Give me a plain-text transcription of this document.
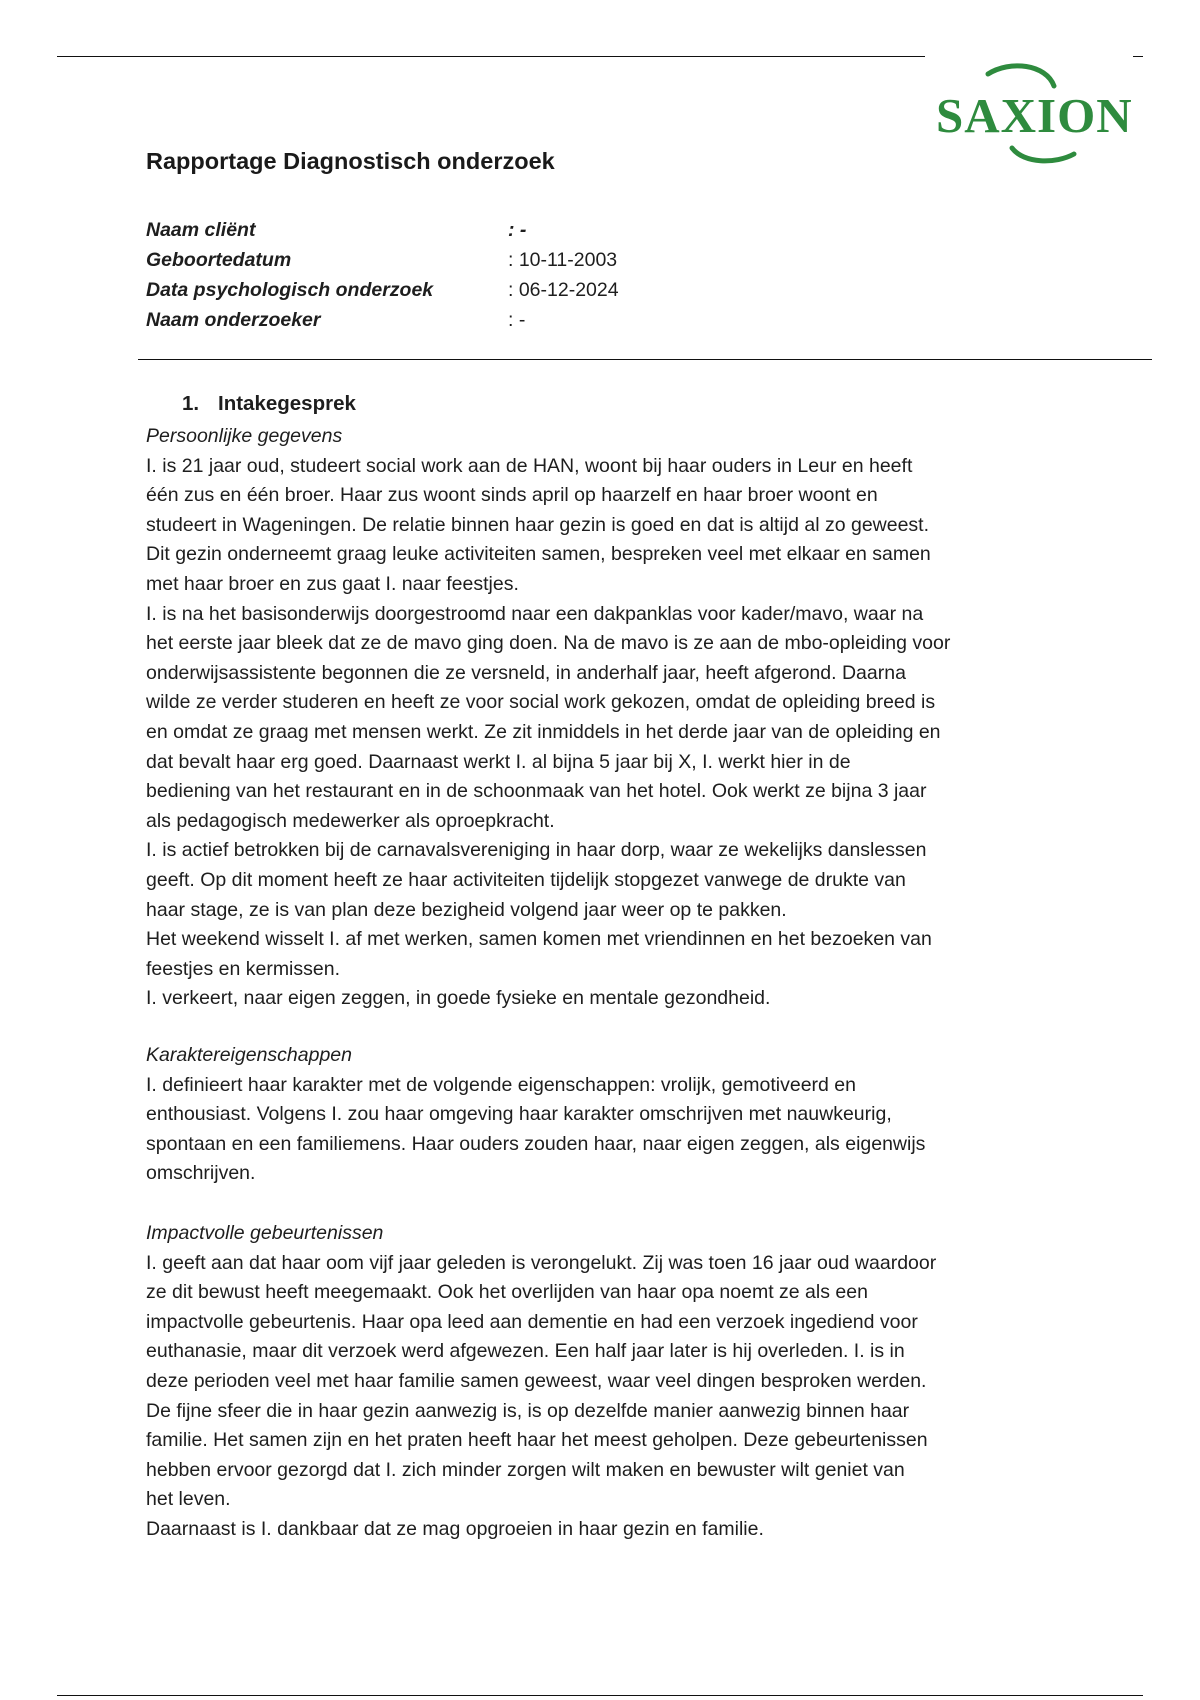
SAXION
Rapportage Diagnostisch onderzoek
Naam cliënt	: -
Geboortedatum	: 10-11-2003
Data psychologisch onderzoek	: 06-12-2024
Naam onderzoeker	: -
1. Intakegesprek

Persoonlijke gegevens

I. is 21 jaar oud, studeert social work aan de HAN, woont bij haar ouders in Leur en heeft

één zus en één broer. Haar zus woont sinds april op haarzelf en haar broer woont en

studeert in Wageningen. De relatie binnen haar gezin is goed en dat is altijd al zo geweest.

Dit gezin onderneemt graag leuke activiteiten samen, bespreken veel met elkaar en samen

met haar broer en zus gaat I. naar feestjes.

I. is na het basisonderwijs doorgestroomd naar een dakpanklas voor kader/mavo, waar na

het eerste jaar bleek dat ze de mavo ging doen. Na de mavo is ze aan de mbo-opleiding voor

onderwijsassistente begonnen die ze versneld, in anderhalf jaar, heeft afgerond. Daarna

wilde ze verder studeren en heeft ze voor social work gekozen, omdat de opleiding breed is

en omdat ze graag met mensen werkt. Ze zit inmiddels in het derde jaar van de opleiding en

dat bevalt haar erg goed. Daarnaast werkt I. al bijna 5 jaar bij X, I. werkt hier in de

bediening van het restaurant en in de schoonmaak van het hotel. Ook werkt ze bijna 3 jaar

als pedagogisch medewerker als oproepkracht.

I. is actief betrokken bij de carnavalsvereniging in haar dorp, waar ze wekelijks danslessen

geeft. Op dit moment heeft ze haar activiteiten tijdelijk stopgezet vanwege de drukte van

haar stage, ze is van plan deze bezigheid volgend jaar weer op te pakken.

Het weekend wisselt I. af met werken, samen komen met vriendinnen en het bezoeken van

feestjes en kermissen.

I. verkeert, naar eigen zeggen, in goede fysieke en mentale gezondheid.

Karaktereigenschappen

I. definieert haar karakter met de volgende eigenschappen: vrolijk, gemotiveerd en

enthousiast. Volgens I. zou haar omgeving haar karakter omschrijven met nauwkeurig,

spontaan en een familiemens. Haar ouders zouden haar, naar eigen zeggen, als eigenwijs

omschrijven.

Impactvolle gebeurtenissen

I. geeft aan dat haar oom vijf jaar geleden is verongelukt. Zij was toen 16 jaar oud waardoor

ze dit bewust heeft meegemaakt. Ook het overlijden van haar opa noemt ze als een

impactvolle gebeurtenis. Haar opa leed aan dementie en had een verzoek ingediend voor

euthanasie, maar dit verzoek werd afgewezen. Een half jaar later is hij overleden. I. is in

deze perioden veel met haar familie samen geweest, waar veel dingen besproken werden.

De fijne sfeer die in haar gezin aanwezig is, is op dezelfde manier aanwezig binnen haar

familie. Het samen zijn en het praten heeft haar het meest geholpen. Deze gebeurtenissen

hebben ervoor gezorgd dat I. zich minder zorgen wilt maken en bewuster wilt geniet van

het leven.

Daarnaast is I. dankbaar dat ze mag opgroeien in haar gezin en familie.
